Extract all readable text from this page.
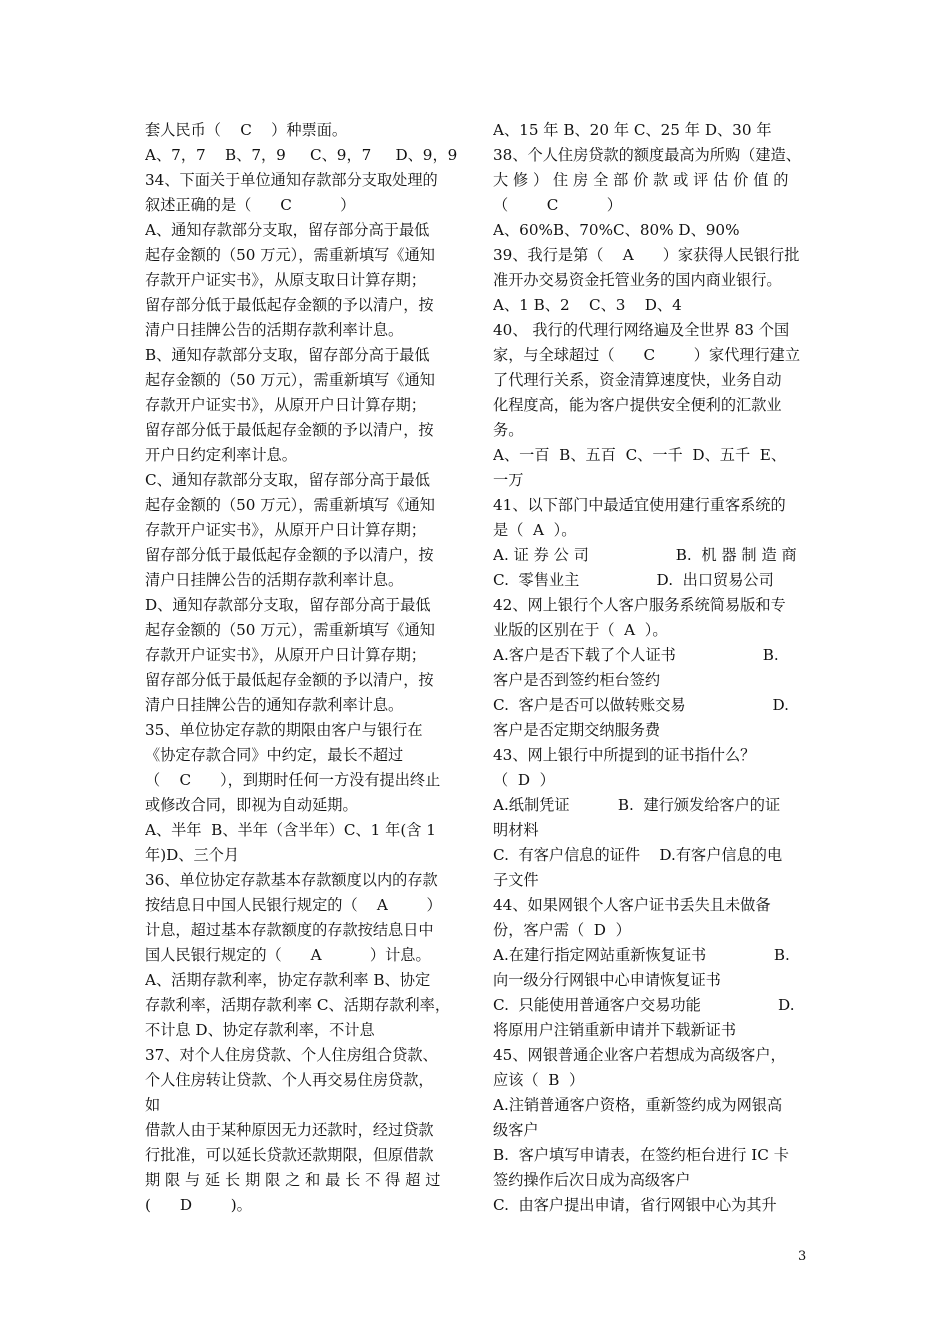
套人民币（    C    ）种票面。

A、7，7    B、7，9     C、9，7     D、9，9

34、下面关于单位通知存款部分支取处理的

叙述正确的是（      C          ）

A、通知存款部分支取，留存部分高于最低

起存金额的（50 万元），需重新填写《通知

存款开户证实书》，从原支取日计算存期；

留存部分低于最低起存金额的予以清户，按

清户日挂牌公告的活期存款利率计息。

B、通知存款部分支取，留存部分高于最低

起存金额的（50 万元），需重新填写《通知

存款开户证实书》，从原开户日计算存期；

留存部分低于最低起存金额的予以清户，按

开户日约定利率计息。

C、通知存款部分支取，留存部分高于最低

起存金额的（50 万元），需重新填写《通知

存款开户证实书》，从原开户日计算存期；

留存部分低于最低起存金额的予以清户，按

清户日挂牌公告的活期存款利率计息。

D、通知存款部分支取，留存部分高于最低

起存金额的（50 万元），需重新填写《通知

存款开户证实书》，从原开户日计算存期；

留存部分低于最低起存金额的予以清户，按

清户日挂牌公告的通知存款利率计息。

35、单位协定存款的期限由客户与银行在

《协定存款合同》中约定，最长不超过

（    C      ），到期时任何一方没有提出终止

或修改合同，即视为自动延期。

A、半年  B、半年（含半年）C、1 年(含 1

年)D、三个月

36、单位协定存款基本存款额度以内的存款

按结息日中国人民银行规定的（    A        ）

计息，超过基本存款额度的存款按结息日中

国人民银行规定的（      A          ）计息。

A、活期存款利率，协定存款利率 B、协定

存款利率，活期存款利率 C、活期存款利率，

不计息 D、协定存款利率，不计息

37、对个人住房贷款、个人住房组合贷款、

个人住房转让贷款、个人再交易住房贷款，

如

借款人由于某种原因无力还款时，经过贷款

行批准，可以延长贷款还款期限，但原借款

期 限 与 延 长 期 限 之 和 最 长 不 得 超 过

(      D        )。

A、15 年 B、20 年 C、25 年 D、30 年

38、个人住房贷款的额度最高为所购（建造、

大 修 ） 住 房 全 部 价 款 或 评 估 价 值 的

（        C          ）

A、60%B、70%C、80% D、90%

39、我行是第（    A      ）家获得人民银行批

准开办交易资金托管业务的国内商业银行。

A、1 B、2    C、3    D、4

40、 我行的代理行网络遍及全世界 83 个国

家，与全球超过（      C        ）家代理行建立

了代理行关系，资金清算速度快，业务自动

化程度高，能为客户提供安全便利的汇款业

务。

A、一百  B、五百  C、一千  D、五千  E、

一万

41、以下部门中最适宜使用建行重客系统的

是（  A  ）。

A. 证 券 公 司                  B.  机 器 制 造 商

C.  零售业主                D.  出口贸易公司

42、网上银行个人客户服务系统简易版和专

业版的区别在于（  A  ）。

A.客户是否下载了个人证书                  B.

客户是否到签约柜台签约

C.  客户是否可以做转账交易                  D.

客户是否定期交纳服务费

43、网上银行中所提到的证书指什么？

（  D  ）

A.纸制凭证          B.  建行颁发给客户的证

明材料

C.  有客户信息的证件    D.有客户信息的电

子文件

44、如果网银个人客户证书丢失且未做备

份，客户需（  D  ）

A.在建行指定网站重新恢复证书              B.

向一级分行网银中心申请恢复证书

C.  只能使用普通客户交易功能                D.

将原用户注销重新申请并下载新证书

45、网银普通企业客户若想成为高级客户，

应该（  B  ）

A.注销普通客户资格，重新签约成为网银高

级客户

B.  客户填写申请表，在签约柜台进行 IC 卡

签约操作后次日成为高级客户

C.  由客户提出申请，省行网银中心为其升

3
